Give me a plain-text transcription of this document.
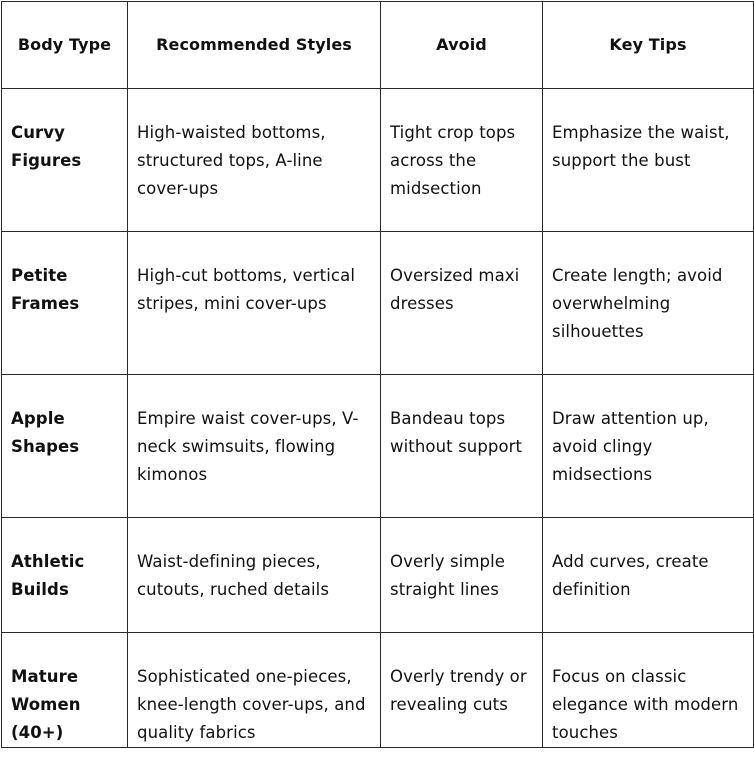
Body Type	Recommended Styles	Avoid	Key Tips
Curvy Figures	High-waisted bottoms, structured tops, A-line cover-ups	Tight crop tops across the midsection	Emphasize the waist, support the bust
Petite Frames	High-cut bottoms, vertical stripes, mini cover-ups	Oversized maxi dresses	Create length; avoid overwhelming silhouettes
Apple Shapes	Empire waist cover-ups, V-neck swimsuits, flowing kimonos	Bandeau tops without support	Draw attention up, avoid clingy midsections
Athletic Builds	Waist-defining pieces, cutouts, ruched details	Overly simple straight lines	Add curves, create definition
Mature Women (40+)	Sophisticated one-pieces, knee-length cover-ups, and quality fabrics	Overly trendy or revealing cuts	Focus on classic elegance with modern touches
